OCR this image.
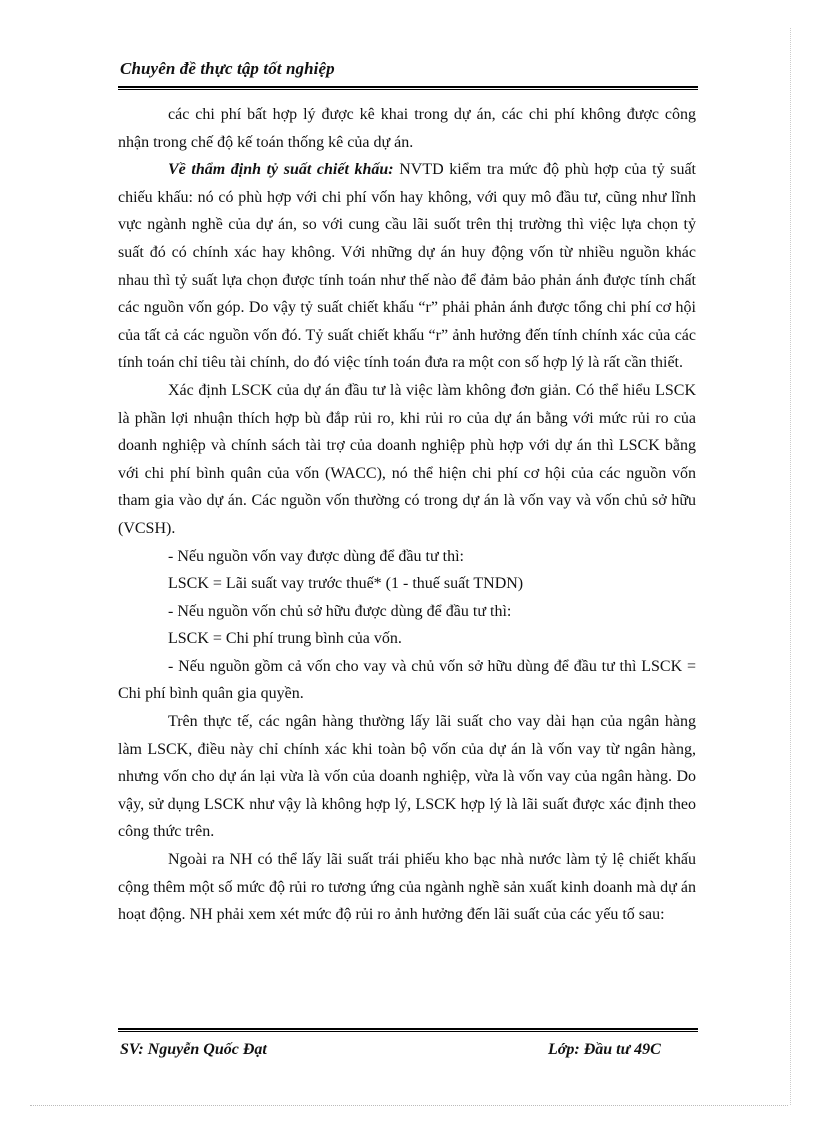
Chuyên đề thực tập tốt nghiệp

các chi phí bất hợp lý được kê khai trong dự án, các chi phí không được công nhận trong chế độ kế toán thống kê của dự án.

Về thẩm định tỷ suất chiết khấu: NVTD kiểm tra mức độ phù hợp của tỷ suất chiếu khấu: nó có phù hợp với chi phí vốn hay không, với quy mô đầu tư, cũng như lĩnh vực ngành nghề của dự án, so với cung cầu lãi suốt trên thị trường thì việc lựa chọn tỷ suất đó có chính xác hay không. Với những dự án huy động vốn từ nhiều nguồn khác nhau thì tỷ suất lựa chọn được tính toán như thế nào để đảm bảo phản ánh được tính chất các nguồn vốn góp. Do vậy tỷ suất chiết khấu “r” phải phản ánh được tổng chi phí cơ hội của tất cả các nguồn vốn đó. Tỷ suất chiết khấu “r” ảnh hưởng đến tính chính xác của các tính toán chỉ tiêu tài chính, do đó việc tính toán đưa ra một con số hợp lý là rất cần thiết.

Xác định LSCK của dự án đầu tư là việc làm không đơn giản. Có thể hiểu LSCK là phần lợi nhuận thích hợp bù đắp rủi ro, khi rủi ro của dự án bằng với mức rủi ro của doanh nghiệp và chính sách tài trợ của doanh nghiệp phù hợp với dự án thì LSCK bằng với chi phí bình quân của vốn (WACC), nó thể hiện chi phí cơ hội của các nguồn vốn tham gia vào dự án. Các nguồn vốn thường có trong dự án là vốn vay và vốn chủ sở hữu (VCSH).

- Nếu nguồn vốn vay được dùng để đầu tư thì:

LSCK = Lãi suất vay trước thuế* (1 - thuế suất TNDN)

- Nếu nguồn vốn chủ sở hữu được dùng để đầu tư thì:

LSCK = Chi phí trung bình của vốn.

- Nếu nguồn gồm cả vốn cho vay và chủ vốn sở hữu dùng để đầu tư thì LSCK = Chi phí bình quân gia quyền.

Trên thực tế, các ngân hàng thường lấy lãi suất cho vay dài hạn của ngân hàng làm LSCK, điều này chỉ chính xác khi toàn bộ vốn của dự án là vốn vay từ ngân hàng, nhưng vốn cho dự án lại vừa là vốn của doanh nghiệp, vừa là vốn vay của ngân hàng. Do vậy, sử dụng LSCK như vậy là không hợp lý, LSCK hợp lý là lãi suất được xác định theo công thức trên.

Ngoài ra NH có thể lấy lãi suất trái phiếu kho bạc nhà nước làm tỷ lệ chiết khấu cộng thêm một số mức độ rủi ro tương ứng của ngành nghề sản xuất kinh doanh mà dự án hoạt động. NH phải xem xét mức độ rủi ro ảnh hưởng đến lãi suất của các yếu tố sau:

SV: Nguyễn Quốc Đạt	Lớp: Đầu tư 49C
